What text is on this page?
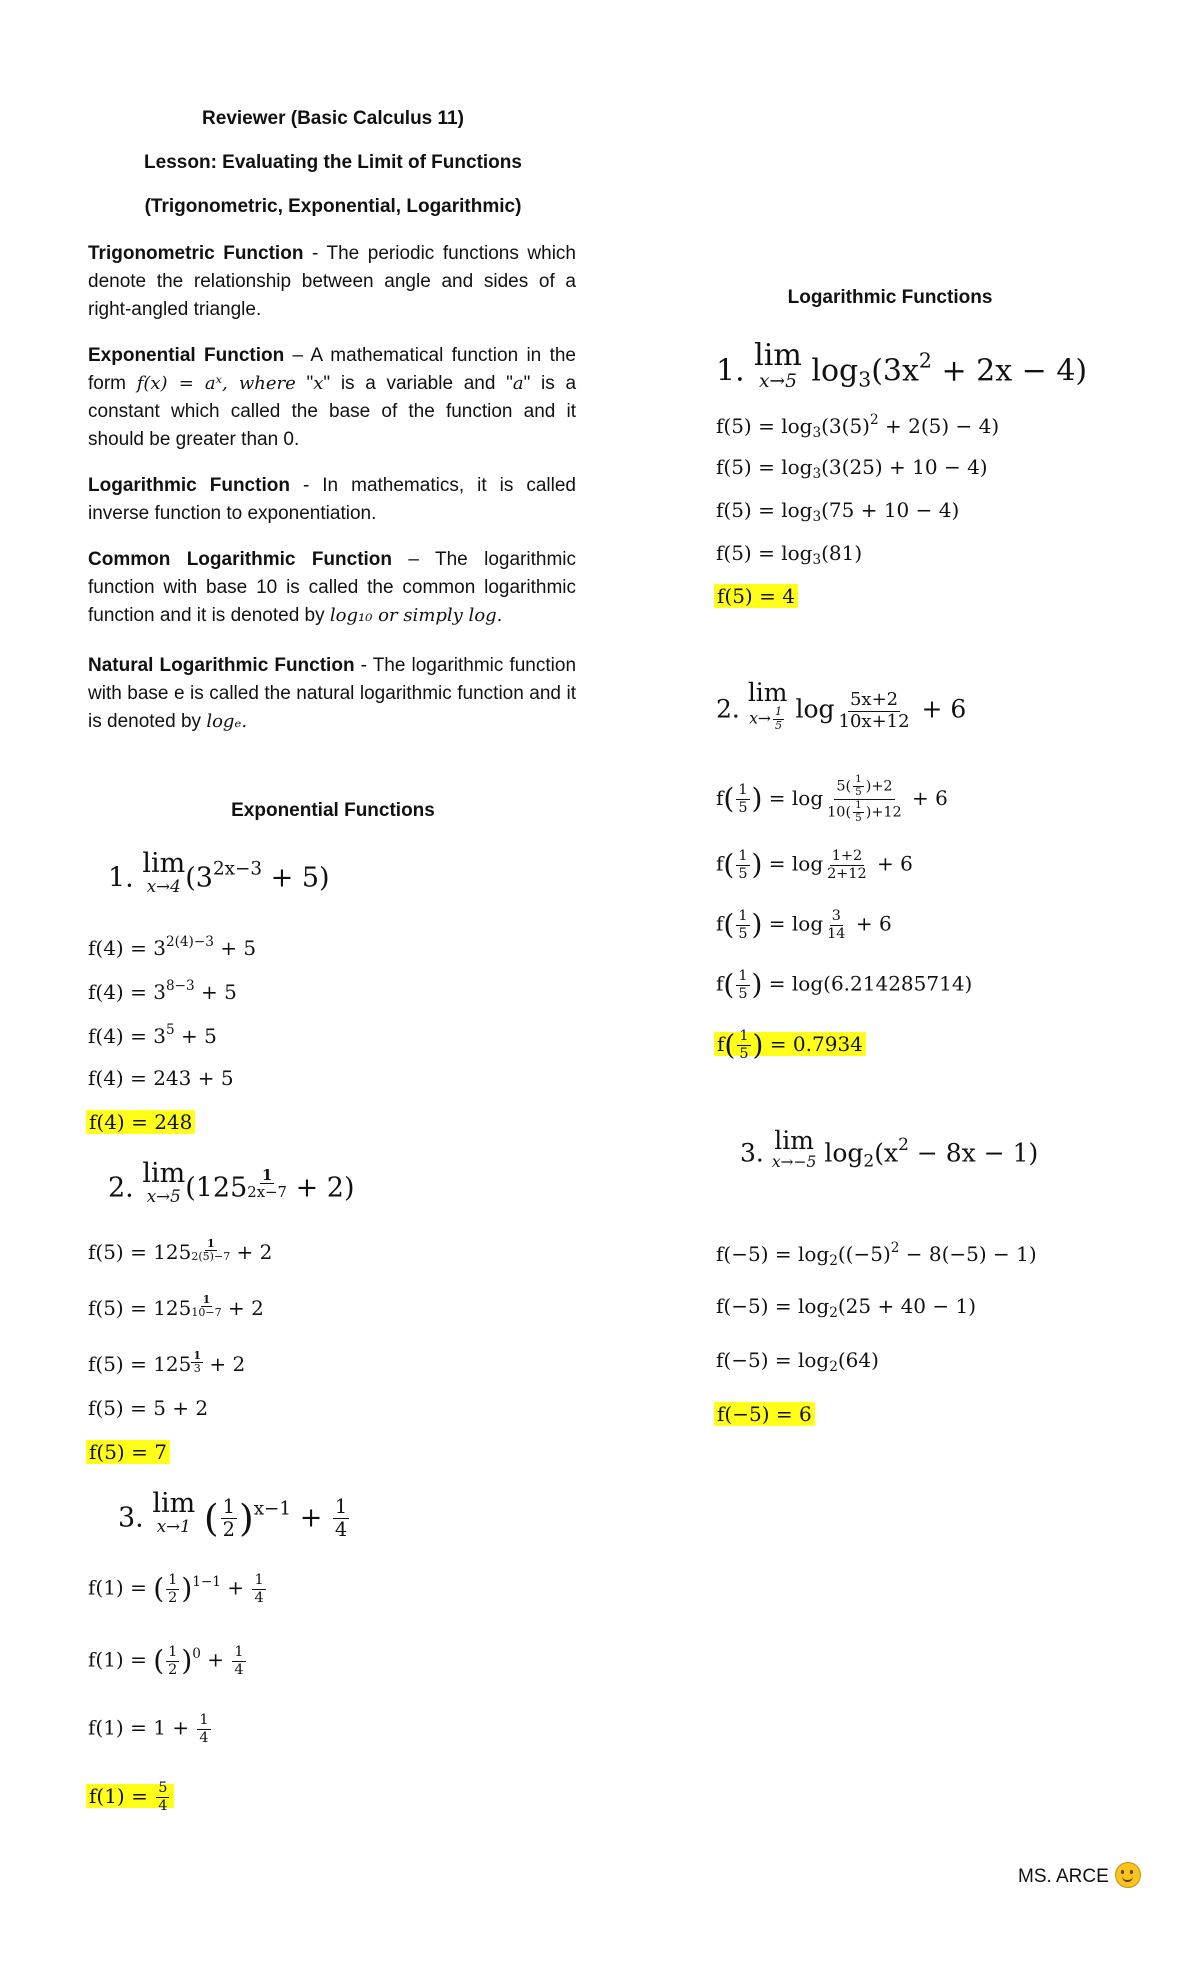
Reviewer (Basic Calculus 11)
Lesson: Evaluating the Limit of Functions
(Trigonometric, Exponential, Logarithmic)
Trigonometric Function - The periodic functions which denote the relationship between angle and sides of a right-angled triangle.
Exponential Function – A mathematical function in the form f(x) = aˣ, where "x" is a variable and "a" is a constant which called the base of the function and it should be greater than 0.
Logarithmic Function - In mathematics, it is called inverse function to exponentiation.
Common Logarithmic Function – The logarithmic function with base 10 is called the common logarithmic function and it is denoted by log₁₀ or simply log.
Natural Logarithmic Function - The logarithmic function with base e is called the natural logarithmic function and it is denoted by logₑ.
Exponential Functions
1. lim
x→4 $(3^{2x-3} + 5)$
$f(4) = 3^{2(4)-3} + 5$
$f(4) = 3^{8-3} + 5$
$f(4) = 3^5 + 5$
f(4) = 243 + 5
f(4) = 248
2. lim
x→5 $(125 \frac{1}{2x-7} + 2)$
$f(5) = 125 \frac{1}{2(5)-7} + 2$
$f(5) = 125 \frac{1}{10-7} + 2$
$f(5) = 125 \frac{1}{3} + 2$
f(5) = 5 + 2
f(5) = 7
3. lim
x→1 ( $\frac{1}{2} )^{x-1} + \frac{1}{4}$
f(1) = ( $\frac{1}{2} )^{1-1} + \frac{1}{4}$
f(1) = ( $\frac{1}{2} )^0 + \frac{1}{4}$
$f(1) = 1 + \frac{1}{4}$
$f(1) = \frac{5}{4}$
Logarithmic Functions
1. lim
x→5 $\log_3(3x^2 + 2x - 4)$
$f(5) = \log_3(3(5)^2 + 2(5) - 4)$
$f(5) = \log_3(3(25) + 10 - 4)$
$f(5) = \log_3(75 + 10 - 4)$
$f(5) = \log_3(81)$
f(5) = 4
2. lim
$x\to \frac{1}{5}$ $\log \frac{5x+2}{10x+12} + 6$
$f( \frac{1}{5}$ ) = $\log \frac{5( \frac{1}{5} )+2}{10( \frac{1}{5} )+12} + 6$
$f( \frac{1}{5}$ ) = $\log \frac{1+2}{2+12} + 6$
$f( \frac{1}{5}$ ) = $\log \frac{3}{14} + 6$
$f( \frac{1}{5}$ ) = log(6.214285714)
$f( \frac{1}{5}$ ) = 0.7934
3. lim
x→−5 $\log_2(x^2 - 8x - 1)$
$f(-5) = \log_2((-5)^2 - 8(-5) - 1)$
$f(-5) = \log_2(25 + 40 - 1)$
$f(-5) = \log_2(64)$
f(−5) = 6
MS. ARCE
